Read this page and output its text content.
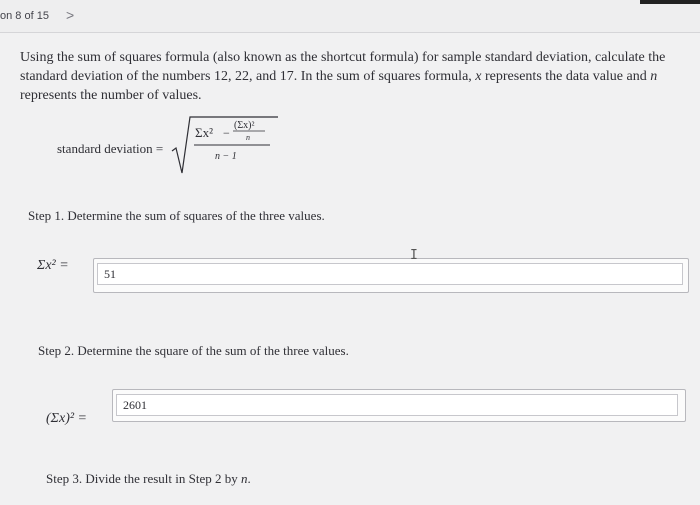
on 8 of 15 >
Using the sum of squares formula (also known as the shortcut formula) for sample standard deviation, calculate the standard deviation of the numbers 12, 22, and 17. In the sum of squares formula, x represents the data value and n represents the number of values.
standard deviation =
Σx² −
(Σx)²
n
n − 1
Step 1. Determine the sum of squares of the three values.
Σx² =
51
I
Step 2. Determine the square of the sum of the three values.
(Σx)² =
2601
Step 3. Divide the result in Step 2 by n.
